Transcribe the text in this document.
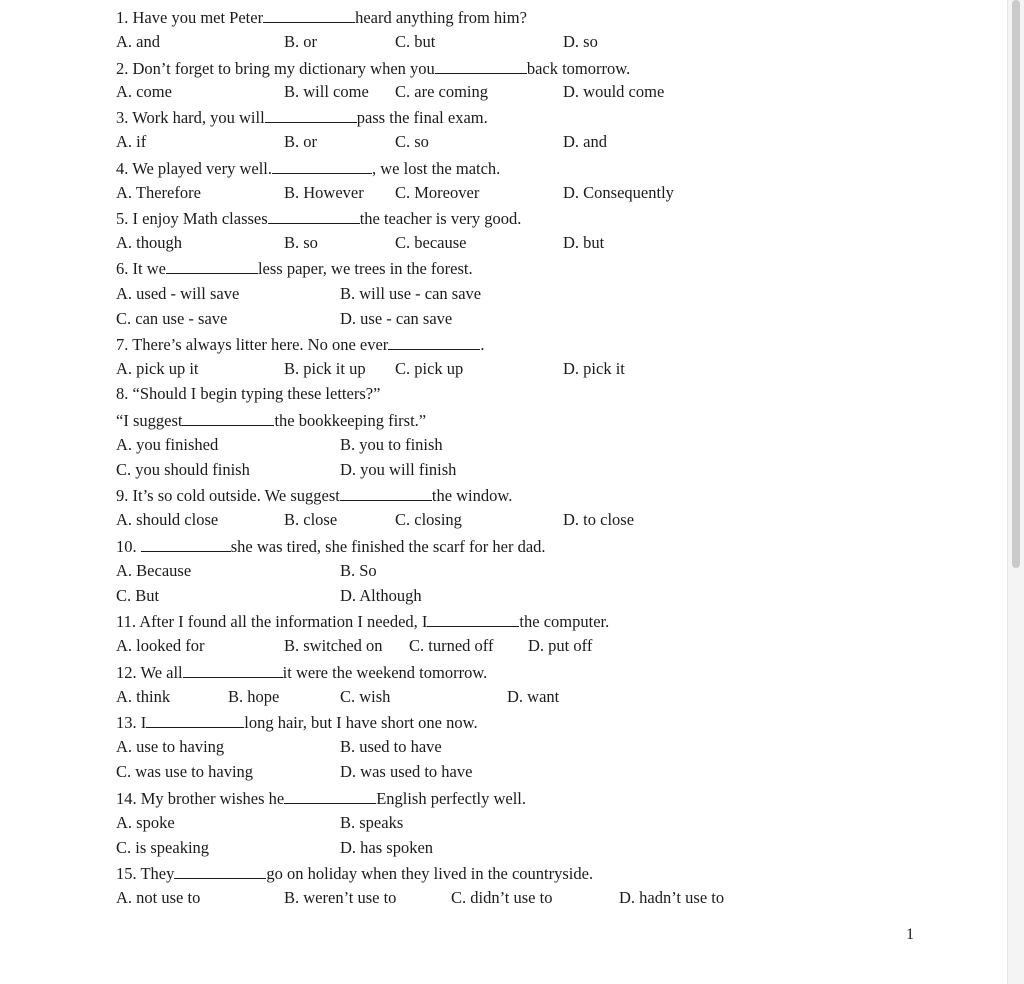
1. Have you met Peter	heard anything from him?
A. and	B. or	C. but	D. so
2. Don’t forget to bring my dictionary when you	back tomorrow.
A. come	B. will come C. are coming	D. would come
3. Work hard, you will	pass the final exam.
A. if	B. or	C. so	D. and
4. We played very well.	, we lost the match.
A. Therefore	B. However C. Moreover	D. Consequently
5. I enjoy Math classes	the teacher is very good.
A. though	B. so	C. because	D. but
6. It we	less paper, we trees in the forest.
A. used - will save	B. will use - can save
C. can use - save	D. use - can save
7. There’s always litter here. No one ever	.
A. pick up it	B. pick it up C. pick up	D. pick it
8. “Should I begin typing these letters?”
“I suggest	the bookkeeping first.”
A. you finished	B. you to finish
C. you should finish	D. you will finish
9. It’s so cold outside. We suggest	the window.
A. should close	B. close	C. closing	D. to close
10.	she was tired, she finished the scarf for her dad.
A. Because	B. So
C. But	D. Although
11. After I found all the information I needed, I	the computer.
A. looked for	B. switched on C. turned off D. put off
12. We all	it were the weekend tomorrow.
A. think	B. hope	C. wish	D. want
13. I	long hair, but I have short one now.
A. use to having	B. used to have
C. was use to having	D. was used to have
14. My brother wishes he	English perfectly well.
A. spoke	B. speaks
C. is speaking	D. has spoken
15. They	go on holiday when they lived in the countryside.
A. not use to	B. weren’t use to	C. didn’t use to	D. hadn’t use to
1
